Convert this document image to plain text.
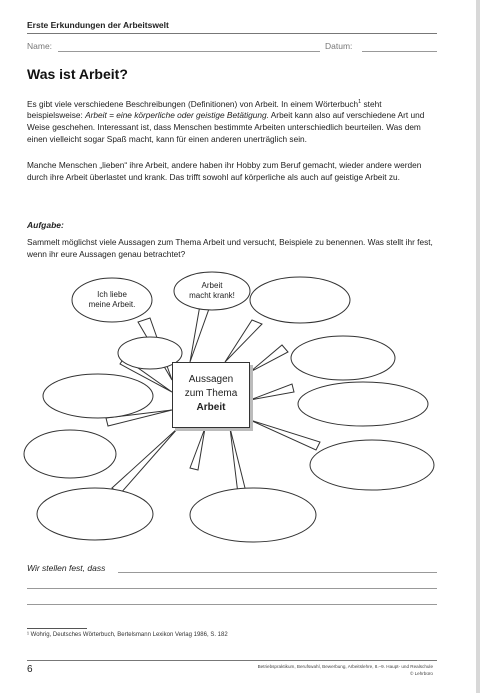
Erste Erkundungen der Arbeitswelt
Name:	Datum:
Was ist Arbeit?
Es gibt viele verschiedene Beschreibungen (Definitionen) von Arbeit. In einem Wörterbuch$^1$ steht beispielsweise: Arbeit = eine körperliche oder geistige Betätigung. Arbeit kann also auf verschiedene Art und Weise geschehen. Interessant ist, dass Menschen bestimmte Arbeiten unterschiedlich beurteilen. Was dem einen vielleicht sogar Spaß macht, kann für einen anderen unerträglich sein.
Manche Menschen „lieben“ ihre Arbeit, andere haben ihr Hobby zum Beruf gemacht, wieder andere werden durch ihre Arbeit überlastet und krank. Das trifft sowohl auf körperliche als auch auf geistige Arbeit zu.
Aufgabe:
Sammelt möglichst viele Aussagen zum Thema Arbeit und versucht, Beispiele zu benennen. Was stellt ihr fest, wenn ihr eure Aussagen genau betrachtet?
Ich liebe
meine Arbeit.
Arbeit
macht krank!
Aussagen
zum Thema
Arbeit
Wir stellen fest, dass
¹ Wohrig, Deutsches Wörterbuch, Bertelsmann Lexikon Verlag 1986, S. 182
6	Betriebspraktikum, Berufswahl, Bewerbung, Arbeitslehre, 8.–9. Haupt- und Realschule
© Lehrbüro
